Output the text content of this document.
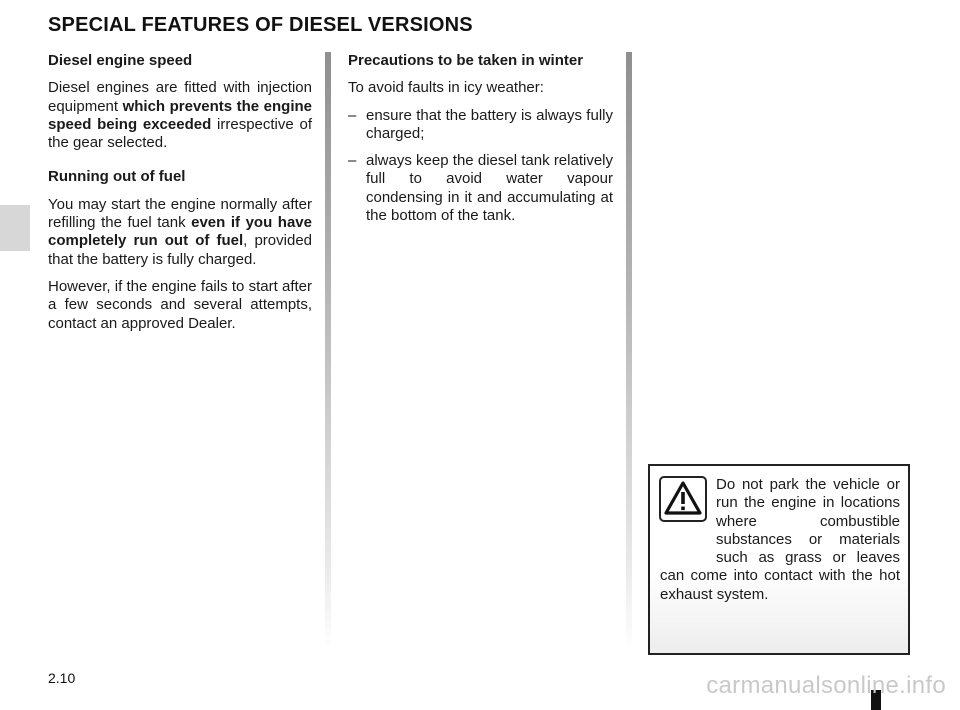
SPECIAL FEATURES OF DIESEL VERSIONS

Diesel engine speed

Diesel engines are fitted with injection equipment which prevents the engine speed being exceeded irrespective of the gear selected.

Running out of fuel

You may start the engine normally after refilling the fuel tank even if you have completely run out of fuel, provided that the battery is fully charged.

However, if the engine fails to start after a few seconds and several attempts, contact an approved Dealer.

Precautions to be taken in winter

To avoid faults in icy weather:

– ensure that the battery is always fully charged;
– always keep the diesel tank relatively full to avoid water vapour condensing in it and accumulating at the bottom of the tank.
Do not park the vehicle or run the engine in locations where combustible substances or materials such as grass or leaves can come into contact with the hot exhaust system.
2.10	carmanualsonline.info
